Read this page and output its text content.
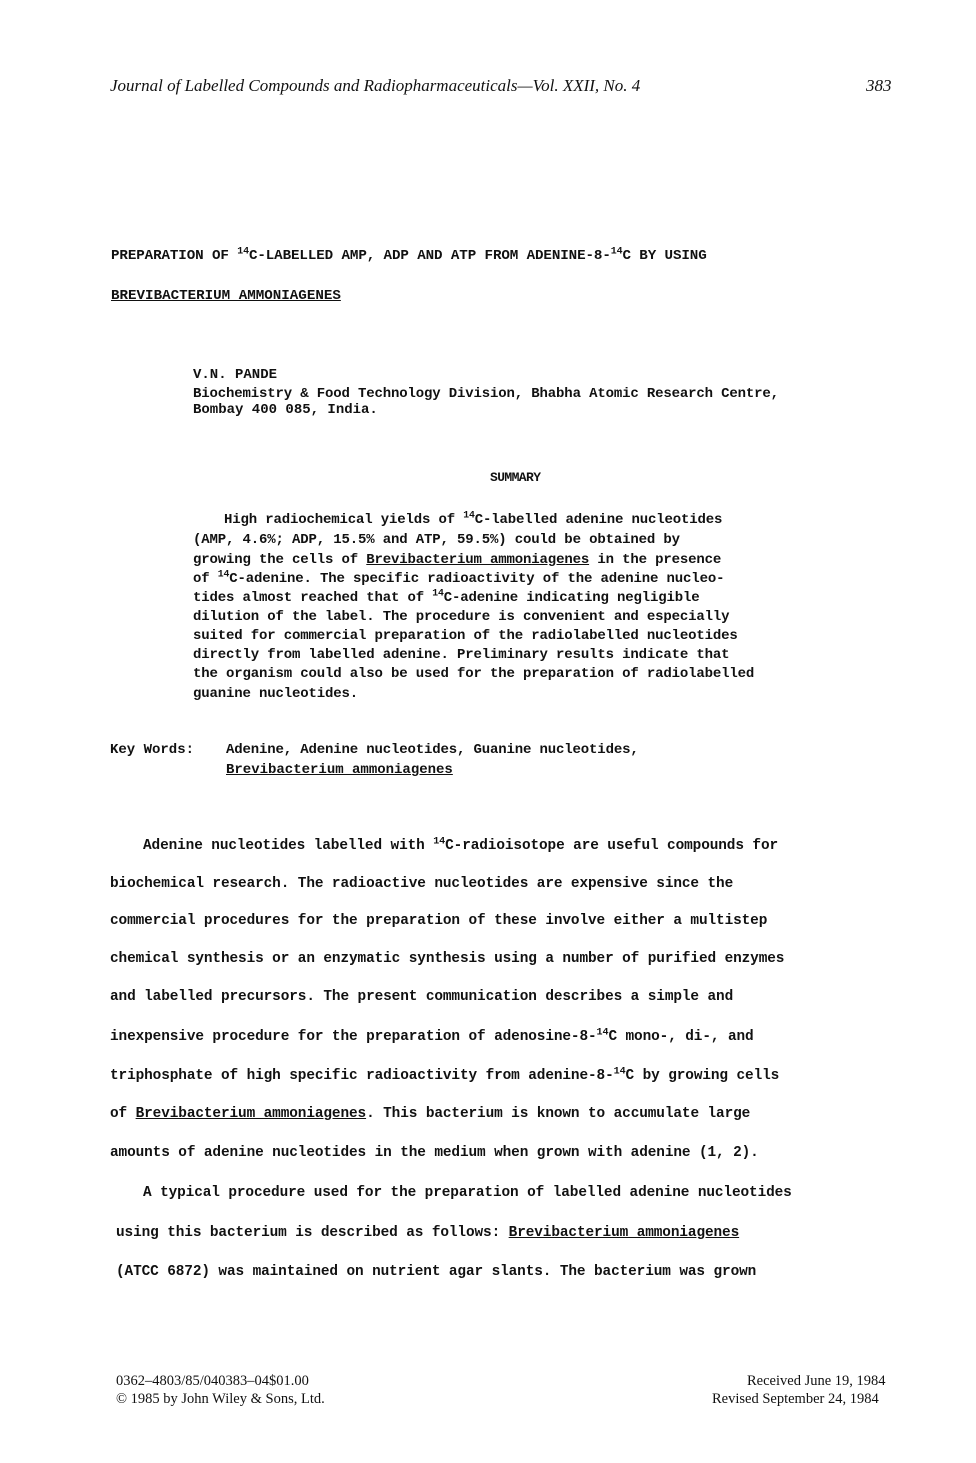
Journal of Labelled Compounds and Radiopharmaceuticals—Vol. XXII, No. 4	383
PREPARATION OF $^{14}$C-LABELLED AMP, ADP AND ATP FROM ADENINE-8-$^{14}$C BY USING
BREVIBACTERIUM AMMONIAGENES
V.N. PANDE
Biochemistry & Food Technology Division, Bhabha Atomic Research Centre,
Bombay 400 085, India.
SUMMARY
High radiochemical yields of $^{14}$C-labelled adenine nucleotides
(AMP, 4.6%; ADP, 15.5% and ATP, 59.5%) could be obtained by
growing the cells of Brevibacterium ammoniagenes in the presence
of $^{14}$C-adenine. The specific radioactivity of the adenine nucleo-
tides almost reached that of $^{14}$C-adenine indicating negligible
dilution of the label. The procedure is convenient and especially
suited for commercial preparation of the radiolabelled nucleotides
directly from labelled adenine. Preliminary results indicate that
the organism could also be used for the preparation of radiolabelled
guanine nucleotides.
Key Words: Adenine, Adenine nucleotides, Guanine nucleotides,
Brevibacterium ammoniagenes
Adenine nucleotides labelled with $^{14}$C-radioisotope are useful compounds for
biochemical research. The radioactive nucleotides are expensive since the
commercial procedures for the preparation of these involve either a multistep
chemical synthesis or an enzymatic synthesis using a number of purified enzymes
and labelled precursors. The present communication describes a simple and
inexpensive procedure for the preparation of adenosine-8-$^{14}$C mono-, di-, and
triphosphate of high specific radioactivity from adenine-8-$^{14}$C by growing cells
of Brevibacterium ammoniagenes. This bacterium is known to accumulate large
amounts of adenine nucleotides in the medium when grown with adenine (1, 2).
A typical procedure used for the preparation of labelled adenine nucleotides
using this bacterium is described as follows: Brevibacterium ammoniagenes
(ATCC 6872) was maintained on nutrient agar slants. The bacterium was grown
0362–4803/85/040383–04$01.00
© 1985 by John Wiley & Sons, Ltd.
Received June 19, 1984
Revised September 24, 1984
